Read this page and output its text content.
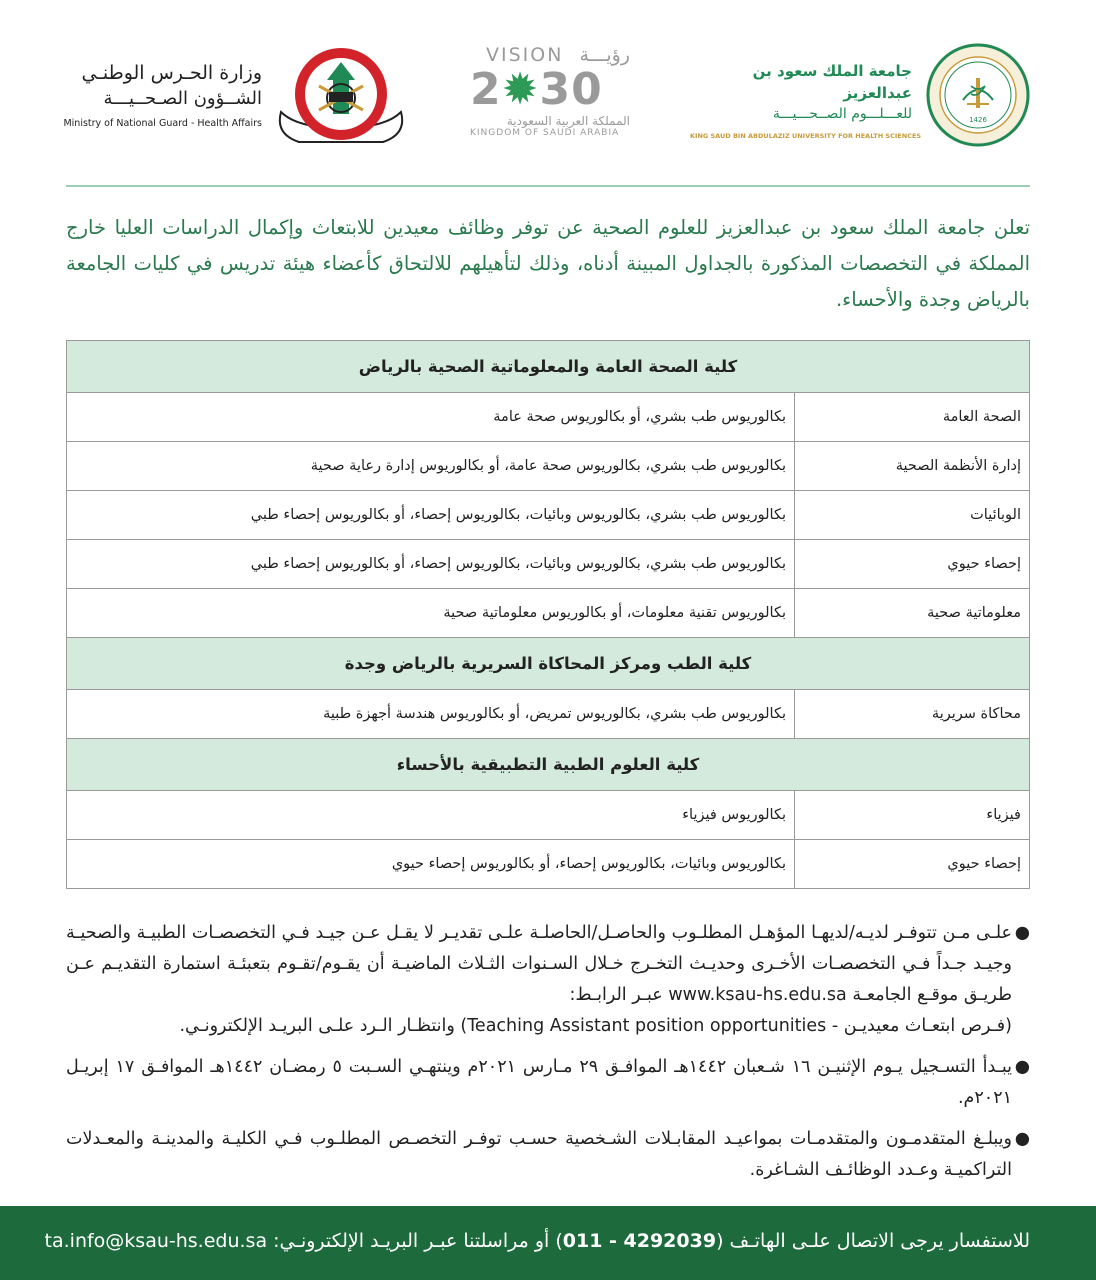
1426
جامعة الملك سعود بن عبدالعزيز
للعـــلـــوم الصــحـــيـــة
KING SAUD BIN ABDULAZIZ UNIVERSITY FOR HEALTH SCIENCES
VISION رؤيـــة
2✹30
المملكة العربية السعودية
KINGDOM OF SAUDI ARABIA
وزارة الحـرس الوطنـي
الشــؤون الصـحــيـــة
Ministry of National Guard - Health Affairs
تعلن جامعة الملك سعود بن عبدالعزيز للعلوم الصحية عن توفر وظائف معيدين للابتعاث وإكمال الدراسات العليا خارج المملكة في التخصصات المذكورة بالجداول المبينة أدناه، وذلك لتأهيلهم للالتحاق كأعضاء هيئة تدريس في كليات الجامعة بالرياض وجدة والأحساء.
كلية الصحة العامة والمعلوماتية الصحية بالرياض	
الصحة العامة	بكالوريوس طب بشري، أو بكالوريوس صحة عامة
إدارة الأنظمة الصحية	بكالوريوس طب بشري، بكالوريوس صحة عامة، أو بكالوريوس إدارة رعاية صحية
الوبائيات	بكالوريوس طب بشري، بكالوريوس وبائيات، بكالوريوس إحصاء، أو بكالوريوس إحصاء طبي
إحصاء حيوي	بكالوريوس طب بشري، بكالوريوس وبائيات، بكالوريوس إحصاء، أو بكالوريوس إحصاء طبي
معلوماتية صحية	بكالوريوس تقنية معلومات، أو بكالوريوس معلوماتية صحية
كلية الطب ومركز المحاكاة السريرية بالرياض وجدة	
محاكاة سريرية	بكالوريوس طب بشري، بكالوريوس تمريض، أو بكالوريوس هندسة أجهزة طبية
كلية العلوم الطبية التطبيقية بالأحساء	
فيزياء	بكالوريوس فيزياء
إحصاء حيوي	بكالوريوس وبائيات، بكالوريوس إحصاء، أو بكالوريوس إحصاء حيوي
●
علـى مـن تتوفـر لديـه/لديهـا المؤهـل المطلـوب والحاصـل/الحاصلـة علـى تقديـر لا يقـل عـن جيـد فـي التخصصـات الطبيـة والصحيـة وجيـد جـداً فـي التخصصـات الأخـرى وحديـث التخـرج خـلال السـنوات الثـلاث الماضيـة أن يقـوم/تقـوم بتعبئـة استمارة التقديـم عـن طريـق موقـع الجامعـة www.ksau-hs.edu.sa عبـر الرابـط:
(فـرص ابتعـاث معيديـن - Teaching Assistant position opportunities) وانتظـار الـرد علـى البريـد الإلكترونـي.
●
يبـدأ التسـجيل يـوم الإثنيـن ١٦ شـعبان ١٤٤٢هـ الموافـق ٢٩ مـارس ٢٠٢١م وينتهـي السـبت ٥ رمضـان ١٤٤٢هـ الموافـق ١٧ إبريـل ٢٠٢١م.
●
ويبلـغ المتقدمـون والمتقدمـات بمواعيـد المقابـلات الشـخصية حسـب توفـر التخصـص المطلـوب فـي الكليـة والمدينـة والمعـدلات التراكميـة وعـدد الوظائـف الشـاغرة.
للاستفسار يرجى الاتصال علـى الهاتـف (011 - 4292039) أو مراسلتنا عبـر البريـد الإلكترونـي: ta.info@ksau-hs.edu.sa
